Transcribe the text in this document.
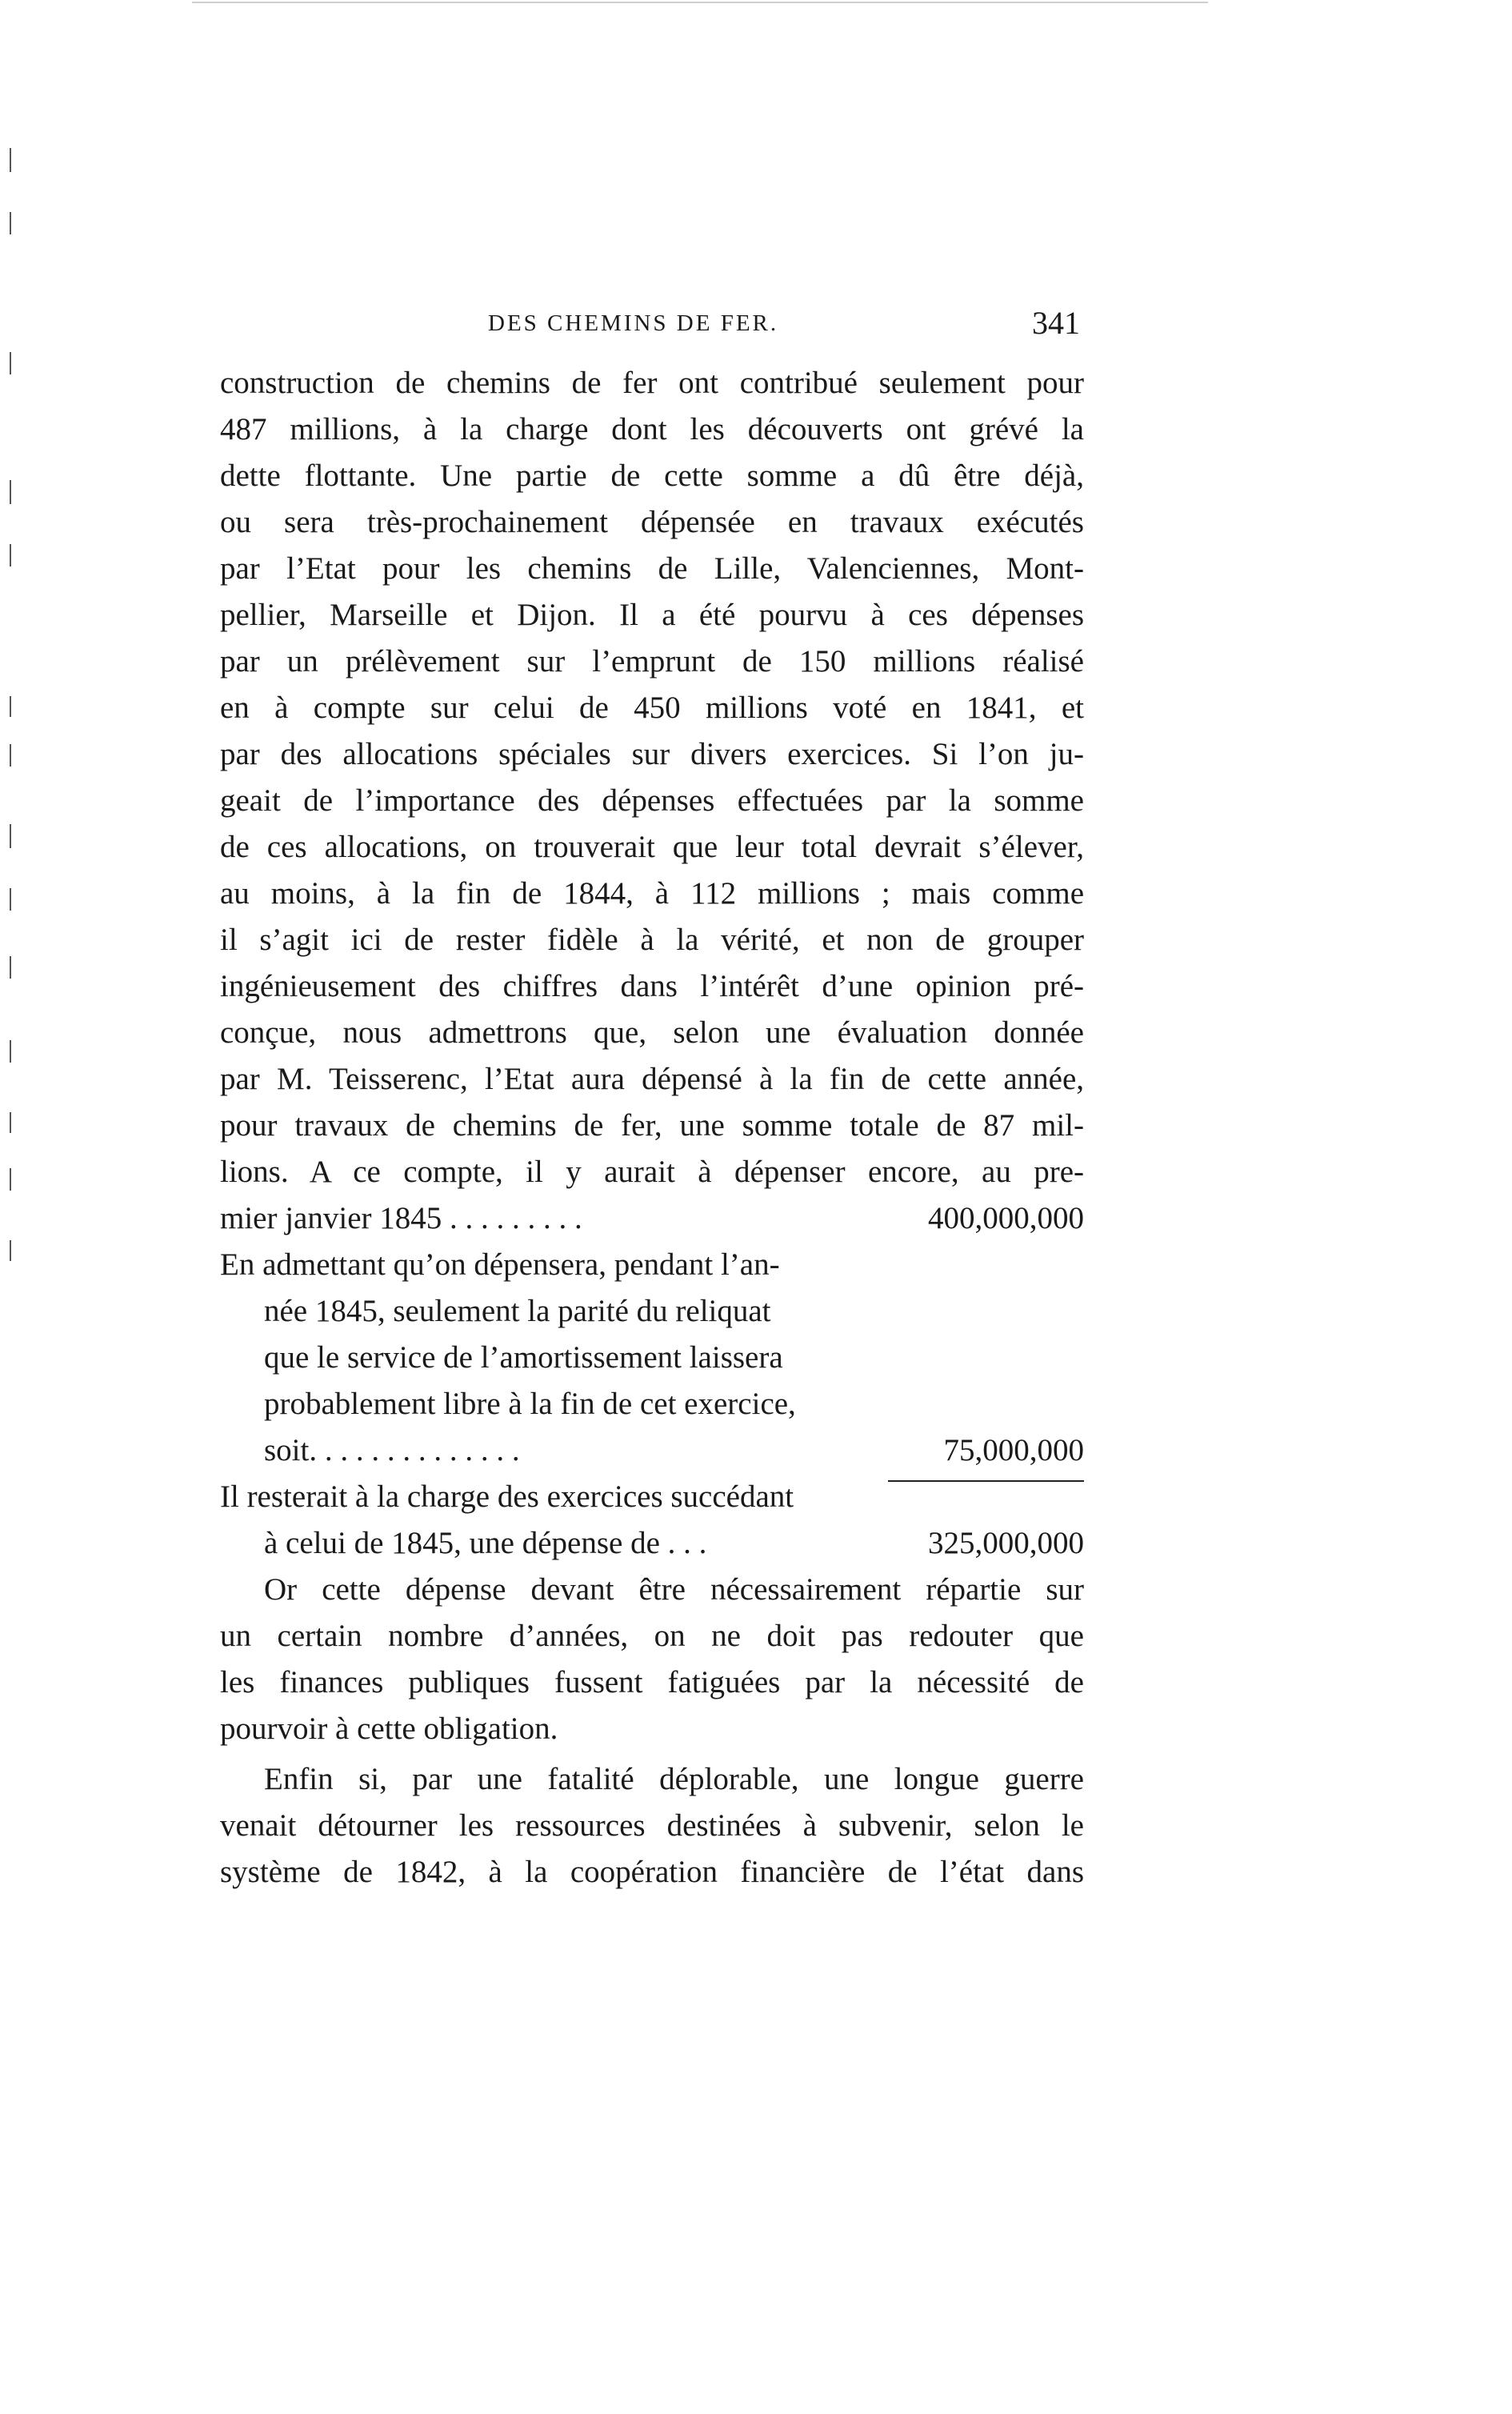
DES CHEMINS DE FER.	341
construction de chemins de fer ont contribué seulement pour
487 millions, à la charge dont les découverts ont grévé la
dette flottante. Une partie de cette somme a dû être déjà,
ou sera très-prochainement dépensée en travaux exécutés
par l’Etat pour les chemins de Lille, Valenciennes, Mont-
pellier, Marseille et Dijon. Il a été pourvu à ces dépenses
par un prélèvement sur l’emprunt de 150 millions réalisé
en à compte sur celui de 450 millions voté en 1841, et
par des allocations spéciales sur divers exercices. Si l’on ju-
geait de l’importance des dépenses effectuées par la somme
de ces allocations, on trouverait que leur total devrait s’élever,
au moins, à la fin de 1844, à 112 millions ; mais comme
il s’agit ici de rester fidèle à la vérité, et non de grouper
ingénieusement des chiffres dans l’intérêt d’une opinion pré-
conçue, nous admettrons que, selon une évaluation donnée
par M. Teisserenc, l’Etat aura dépensé à la fin de cette année,
pour travaux de chemins de fer, une somme totale de 87 mil-
lions. A ce compte, il y aurait à dépenser encore, au pre-
mier janvier 1845 . . . . . . . . .	400,000,000
En admettant qu’on dépensera, pendant l’an-
née 1845, seulement la parité du reliquat
que le service de l’amortissement laissera
probablement libre à la fin de cet exercice,
soit. . . . . . . . . . . . . .	75,000,000
Il resterait à la charge des exercices succédant
à celui de 1845, une dépense de . . .	325,000,000
Or cette dépense devant être nécessairement répartie sur
un certain nombre d’années, on ne doit pas redouter que
les finances publiques fussent fatiguées par la nécessité de
pourvoir à cette obligation.
Enfin si, par une fatalité déplorable, une longue guerre
venait détourner les ressources destinées à subvenir, selon le
système de 1842, à la coopération financière de l’état dans
